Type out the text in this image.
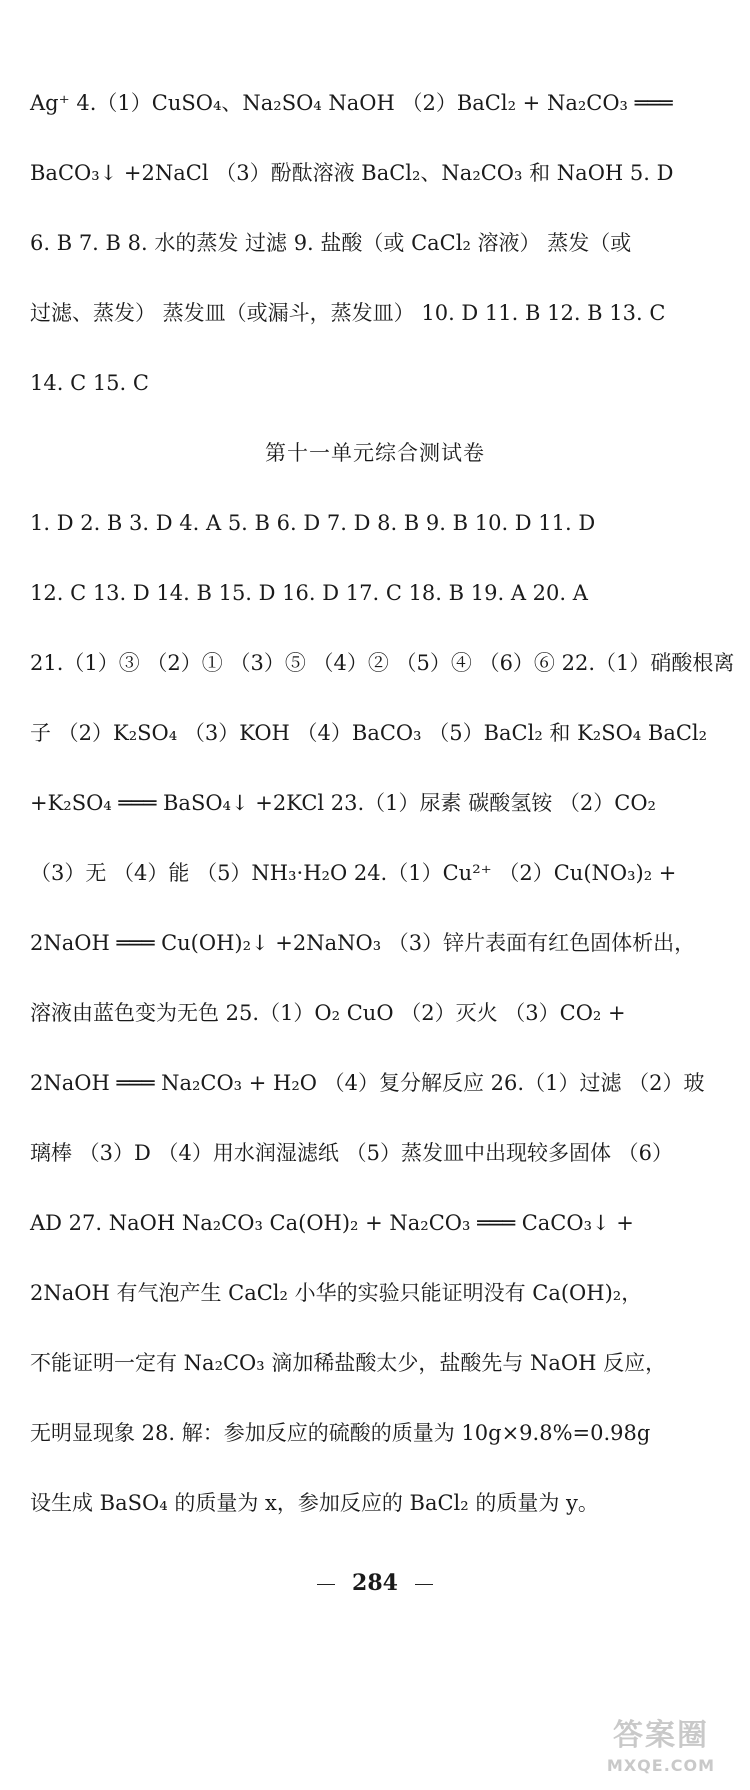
Ag⁺ 4.（1）CuSO₄、Na₂SO₄ NaOH （2）BaCl₂ + Na₂CO₃ ═══
BaCO₃↓ +2NaCl （3）酚酞溶液 BaCl₂、Na₂CO₃ 和 NaOH 5. D
6. B 7. B 8. 水的蒸发 过滤 9. 盐酸（或 CaCl₂ 溶液） 蒸发（或
过滤、蒸发） 蒸发皿（或漏斗，蒸发皿） 10. D 11. B 12. B 13. C
14. C 15. C
第十一单元综合测试卷
1. D 2. B 3. D 4. A 5. B 6. D 7. D 8. B 9. B 10. D 11. D
12. C 13. D 14. B 15. D 16. D 17. C 18. B 19. A 20. A
21.（1）③ （2）① （3）⑤ （4）② （5）④ （6）⑥ 22.（1）硝酸根离
子 （2）K₂SO₄ （3）KOH （4）BaCO₃ （5）BaCl₂ 和 K₂SO₄ BaCl₂
+K₂SO₄ ═══ BaSO₄↓ +2KCl 23.（1）尿素 碳酸氢铵 （2）CO₂
（3）无 （4）能 （5）NH₃·H₂O 24.（1）Cu²⁺ （2）Cu(NO₃)₂ +
2NaOH ═══ Cu(OH)₂↓ +2NaNO₃ （3）锌片表面有红色固体析出，
溶液由蓝色变为无色 25.（1）O₂ CuO （2）灭火 （3）CO₂ +
2NaOH ═══ Na₂CO₃ + H₂O （4）复分解反应 26.（1）过滤 （2）玻
璃棒 （3）D （4）用水润湿滤纸 （5）蒸发皿中出现较多固体 （6）
AD 27. NaOH Na₂CO₃ Ca(OH)₂ + Na₂CO₃ ═══ CaCO₃↓ +
2NaOH 有气泡产生 CaCl₂ 小华的实验只能证明没有 Ca(OH)₂，
不能证明一定有 Na₂CO₃ 滴加稀盐酸太少，盐酸先与 NaOH 反应，
无明显现象 28. 解：参加反应的硫酸的质量为 10g×9.8%=0.98g
设生成 BaSO₄ 的质量为 x，参加反应的 BaCl₂ 的质量为 y。
284
答案圈
MXQE.COM
